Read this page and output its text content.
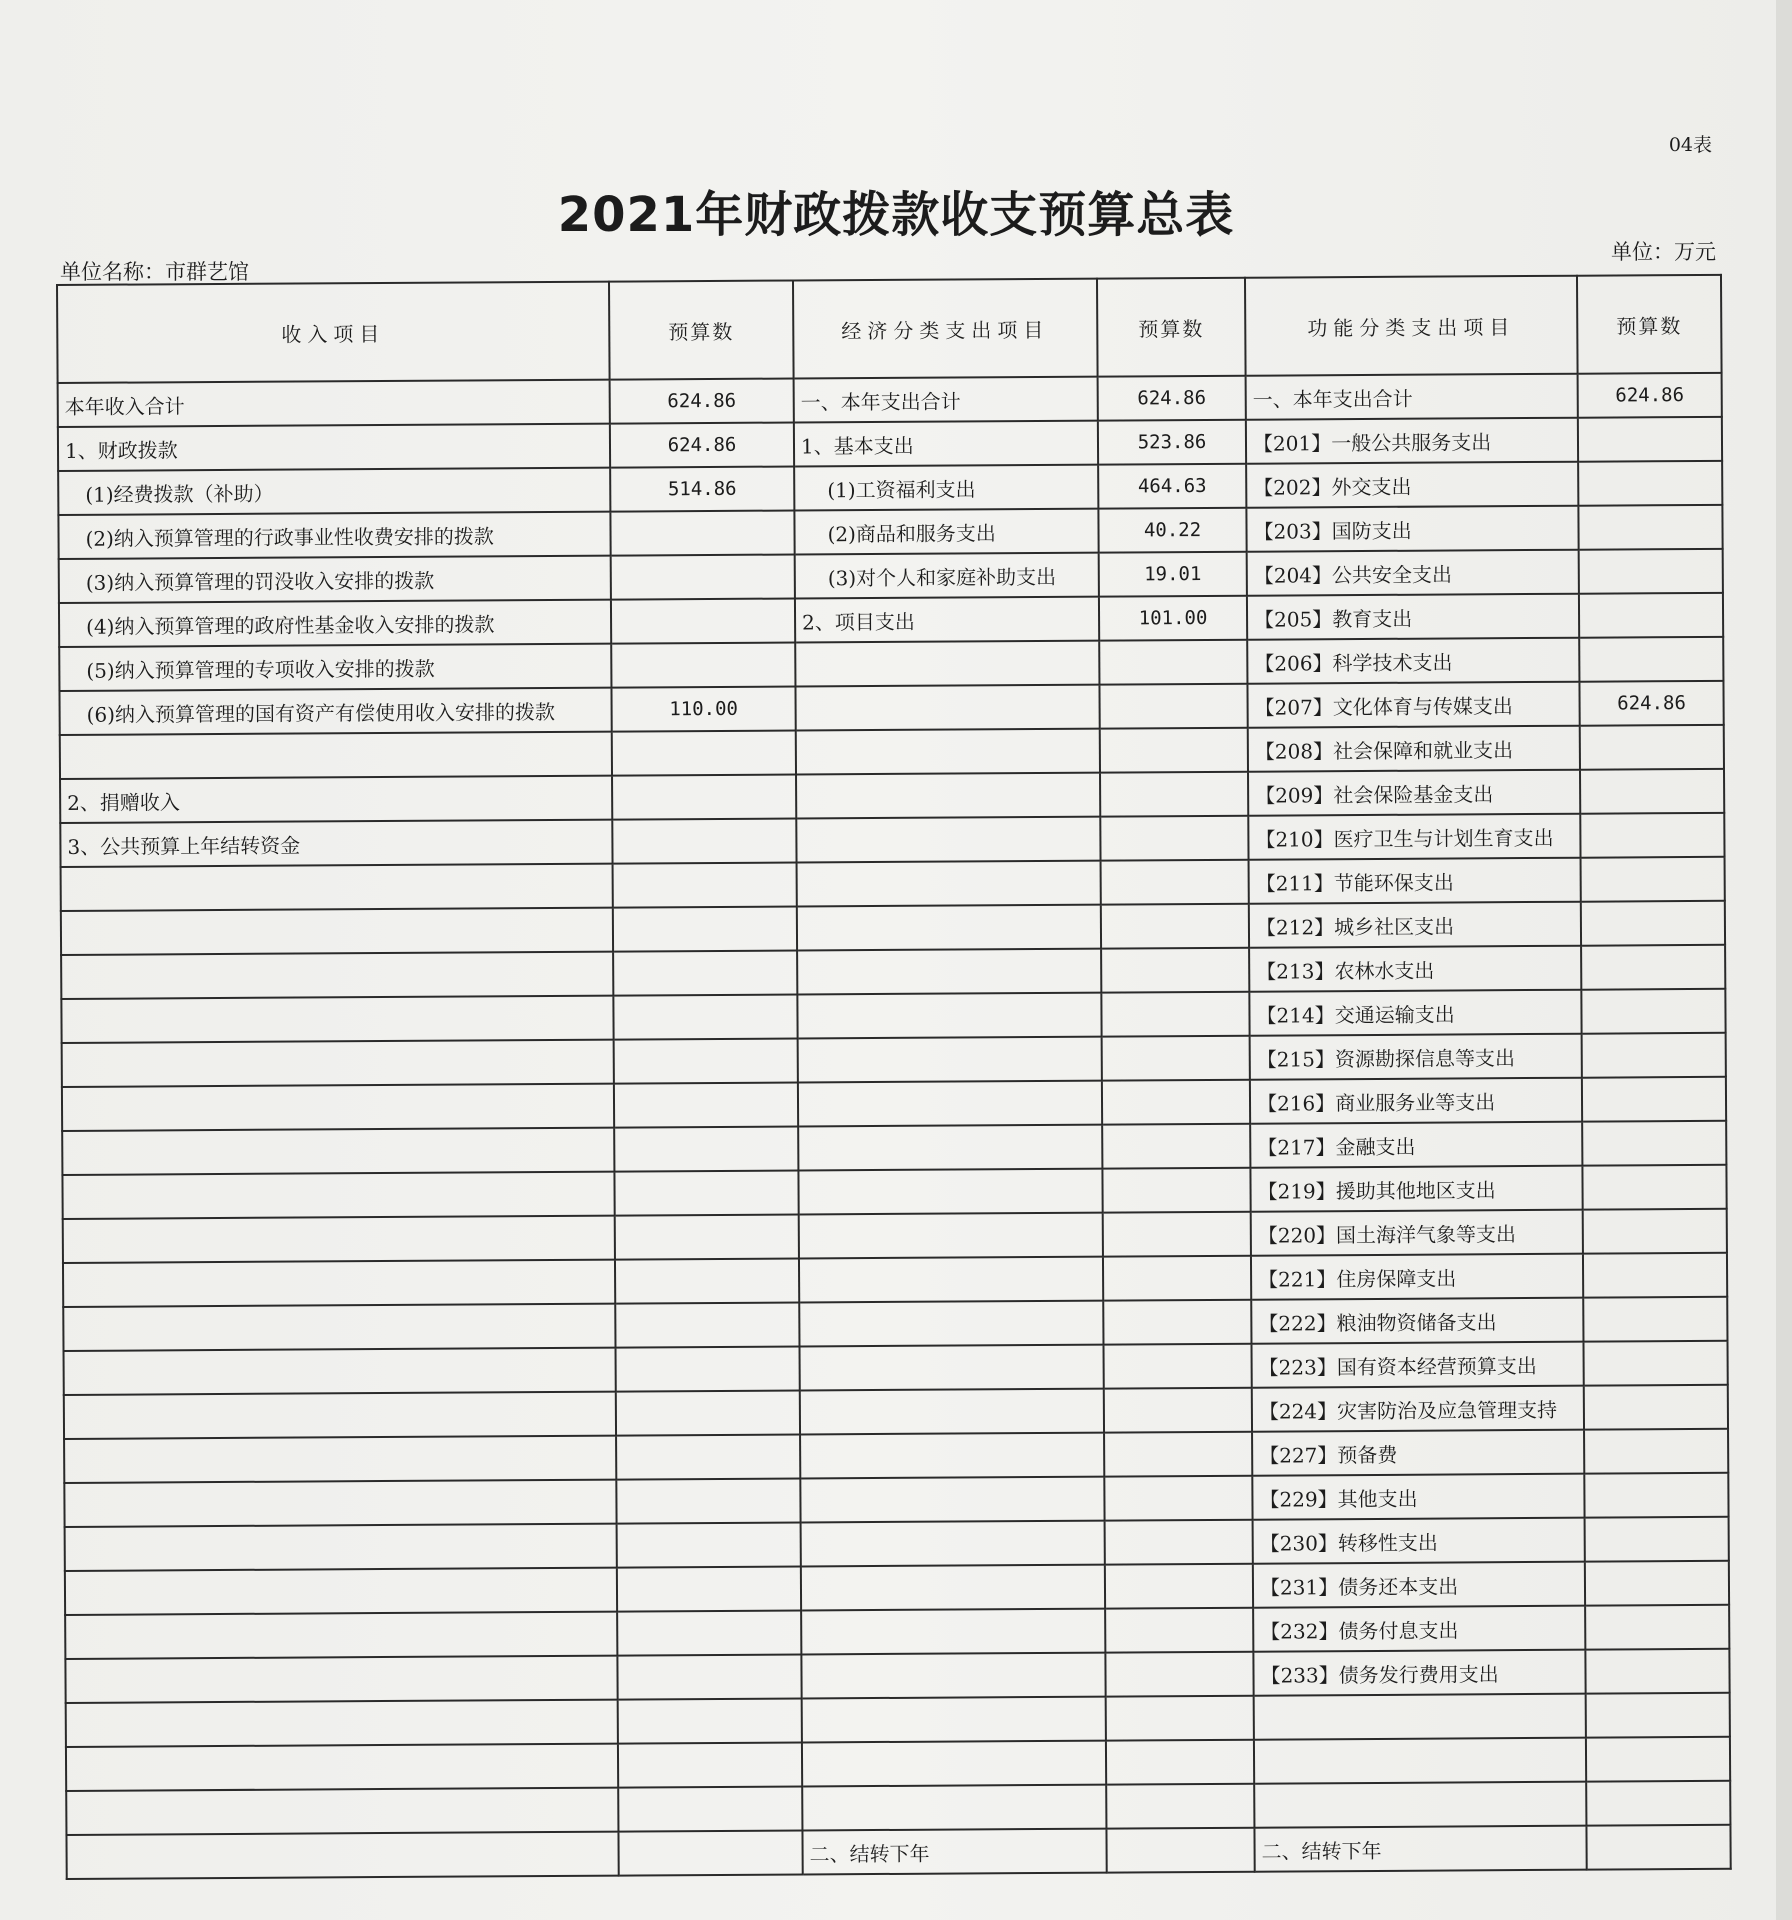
04表
2021年财政拨款收支预算总表
单位名称：市群艺馆
单位：万元
收入项目	预算数	经济分类支出项目	预算数	功能分类支出项目	预算数
本年收入合计	624.86	一、本年支出合计	624.86	一、本年支出合计	624.86
1、财政拨款	624.86	1、基本支出	523.86	【201】一般公共服务支出	
(1)经费拨款（补助）	514.86	(1)工资福利支出	464.63	【202】外交支出	
(2)纳入预算管理的行政事业性收费安排的拨款		(2)商品和服务支出	40.22	【203】国防支出	
(3)纳入预算管理的罚没收入安排的拨款		(3)对个人和家庭补助支出	19.01	【204】公共安全支出	
(4)纳入预算管理的政府性基金收入安排的拨款		2、项目支出	101.00	【205】教育支出	
(5)纳入预算管理的专项收入安排的拨款				【206】科学技术支出	
(6)纳入预算管理的国有资产有偿使用收入安排的拨款	110.00			【207】文化体育与传媒支出	624.86
				【208】社会保障和就业支出	
2、捐赠收入				【209】社会保险基金支出	
3、公共预算上年结转资金				【210】医疗卫生与计划生育支出	
				【211】节能环保支出	
				【212】城乡社区支出	
				【213】农林水支出	
				【214】交通运输支出	
				【215】资源勘探信息等支出	
				【216】商业服务业等支出	
				【217】金融支出	
				【219】援助其他地区支出	
				【220】国土海洋气象等支出	
				【221】住房保障支出	
				【222】粮油物资储备支出	
				【223】国有资本经营预算支出	
				【224】灾害防治及应急管理支持	
				【227】预备费	
				【229】其他支出	
				【230】转移性支出	
				【231】债务还本支出	
				【232】债务付息支出	
				【233】债务发行费用支出	

		二、结转下年		二、结转下年	
